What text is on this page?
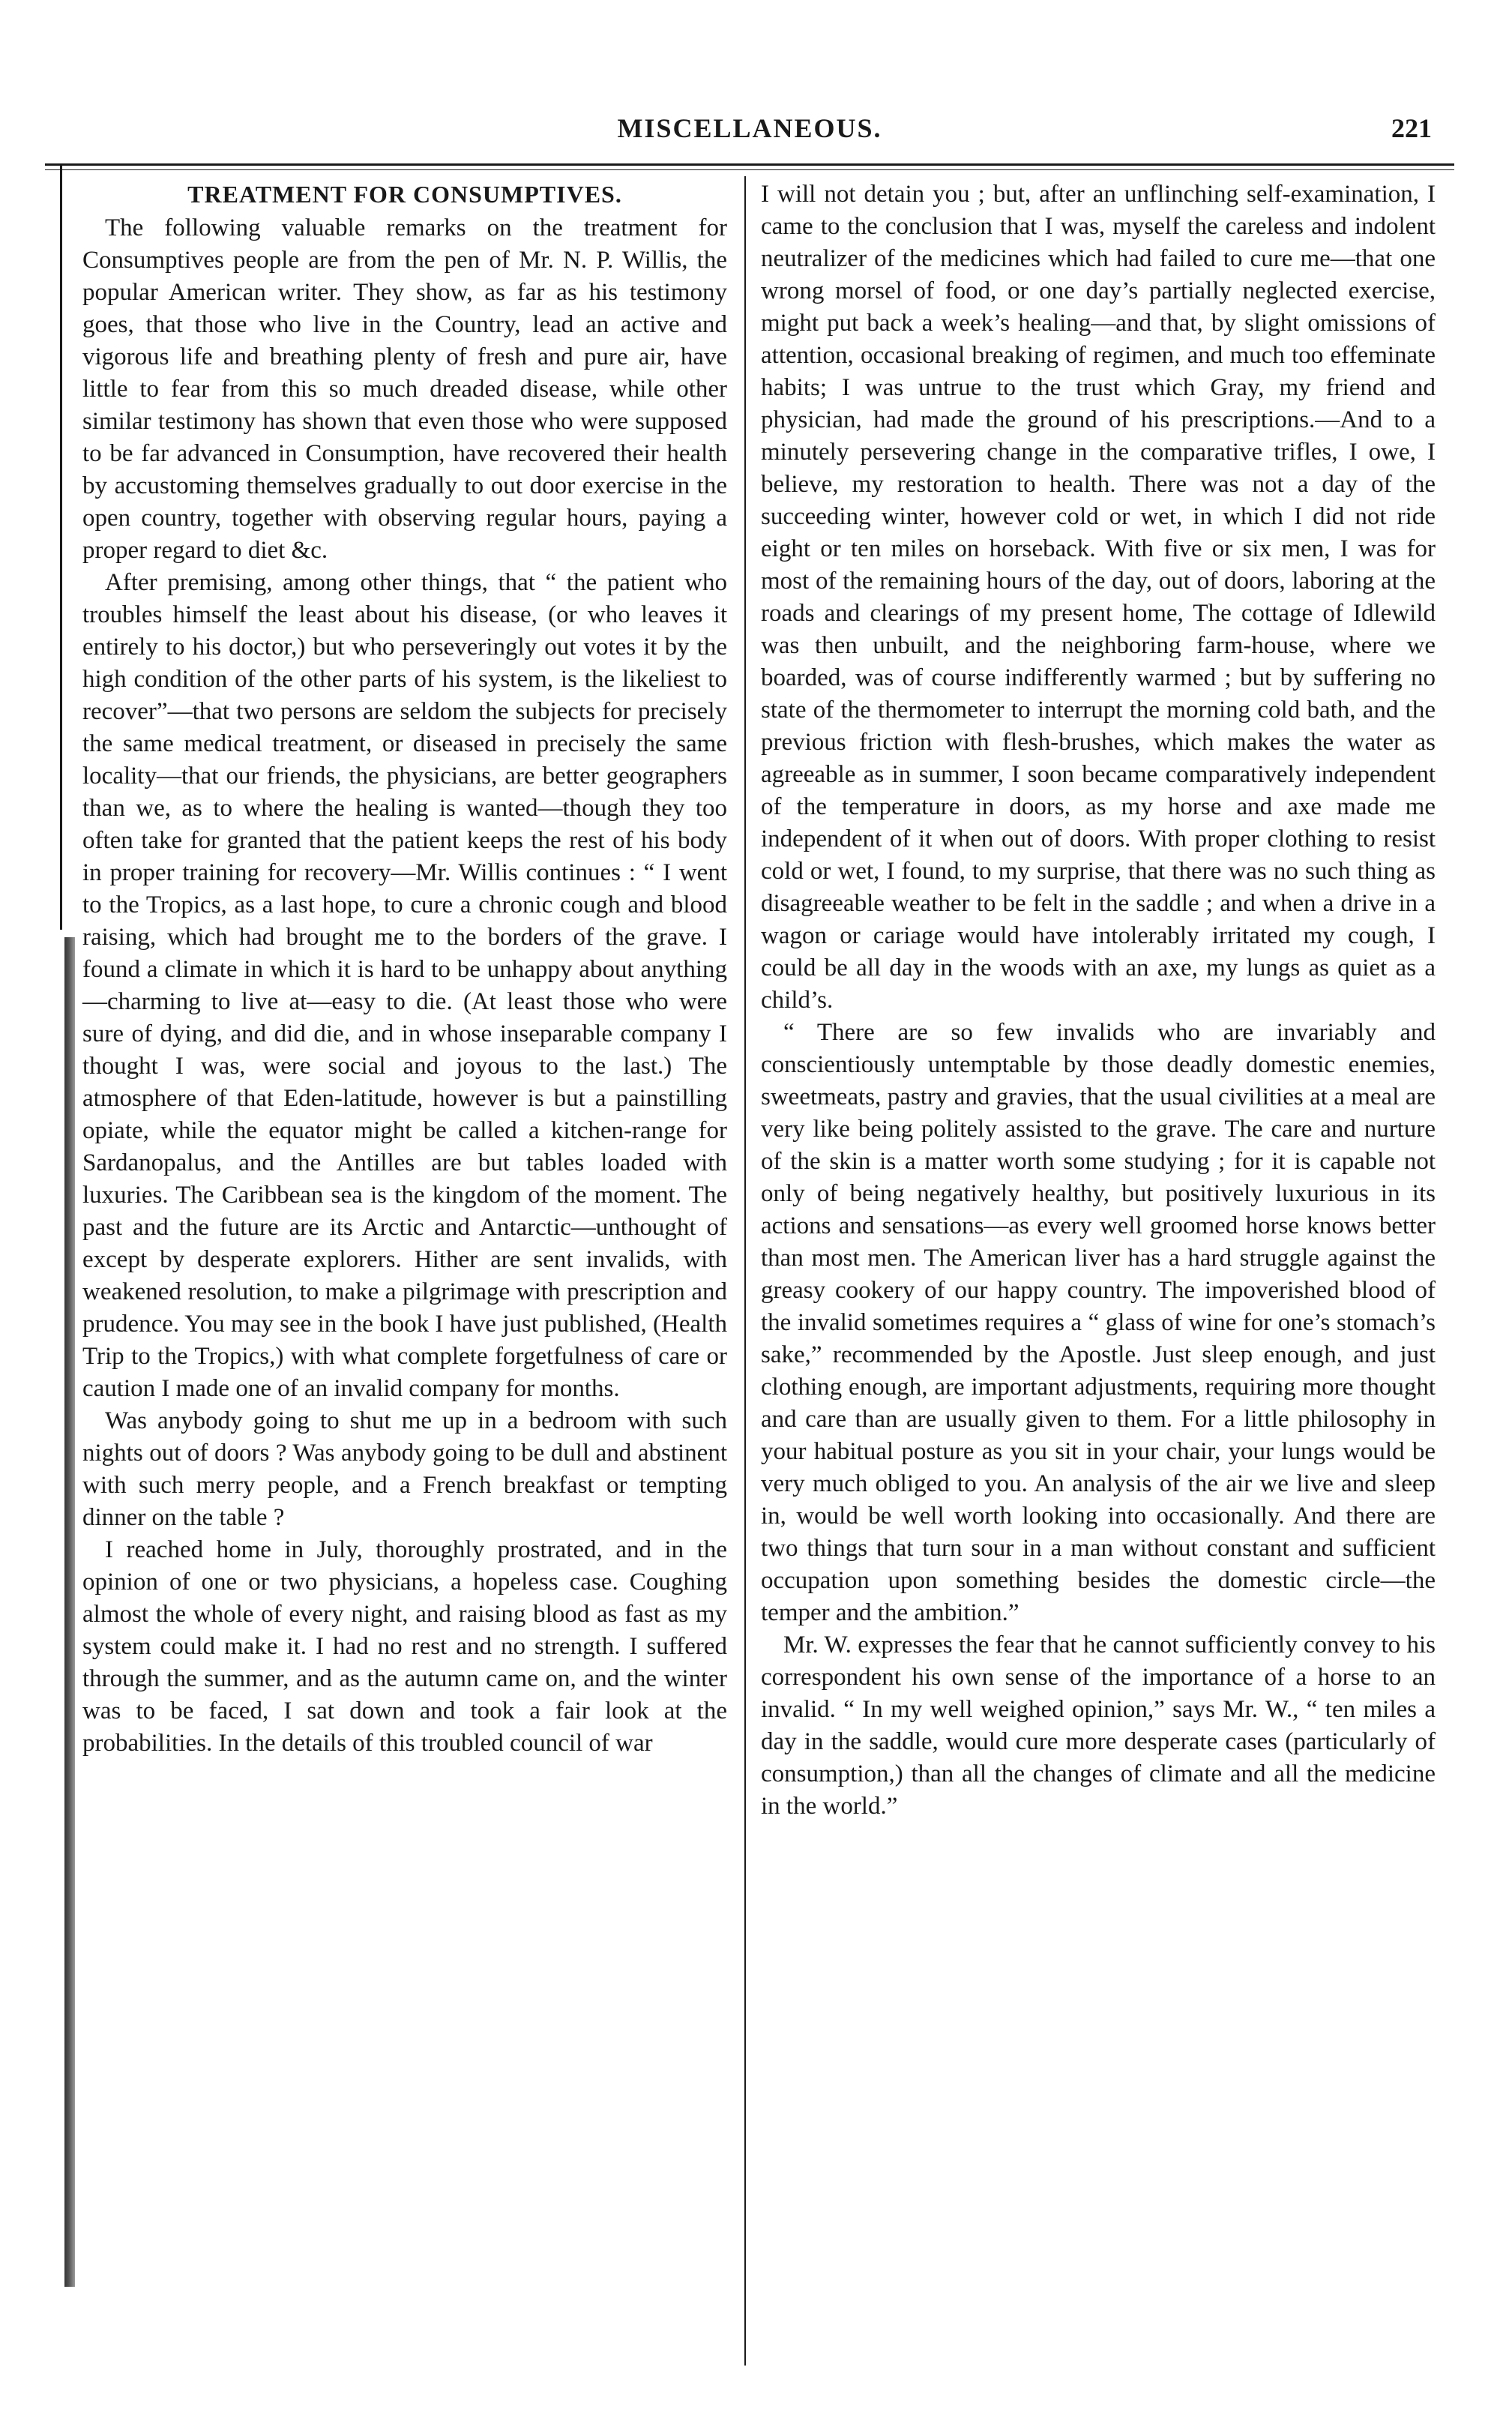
MISCELLANEOUS.	221
TREATMENT FOR CONSUMPTIVES.

The following valuable remarks on the treatment for Consumptives people are from the pen of Mr. N. P. Willis, the popular American writer. They show, as far as his testimony goes, that those who live in the Country, lead an active and vigorous life and breathing plenty of fresh and pure air, have little to fear from this so much dreaded disease, while other similar testimony has shown that even those who were supposed to be far advanced in Consumption, have recovered their health by accustoming themselves gradually to out door exercise in the open country, together with observing regular hours, paying a proper regard to diet &c.

After premising, among other things, that “ the patient who troubles himself the least about his disease, (or who leaves it entirely to his doctor,) but who perseveringly out votes it by the high condition of the other parts of his system, is the likeliest to recover”—that two persons are seldom the subjects for precisely the same medical treatment, or diseased in precisely the same locality—that our friends, the physicians, are better geographers than we, as to where the healing is wanted—though they too often take for granted that the patient keeps the rest of his body in proper training for recovery—Mr. Willis continues : “ I went to the Tropics, as a last hope, to cure a chronic cough and blood raising, which had brought me to the borders of the grave. I found a climate in which it is hard to be unhappy about anything—charming to live at—easy to die. (At least those who were sure of dying, and did die, and in whose inseparable company I thought I was, were social and joyous to the last.) The atmosphere of that Eden-latitude, however is but a painstilling opiate, while the equator might be called a kitchen-range for Sardanopalus, and the Antilles are but tables loaded with luxuries. The Caribbean sea is the kingdom of the moment. The past and the future are its Arctic and Antarctic—unthought of except by desperate explorers. Hither are sent invalids, with weakened resolution, to make a pilgrimage with prescription and prudence. You may see in the book I have just published, (Health Trip to the Tropics,) with what complete forgetfulness of care or caution I made one of an invalid company for months.

Was anybody going to shut me up in a bedroom with such nights out of doors ? Was anybody going to be dull and abstinent with such merry people, and a French breakfast or tempting dinner on the table ?

I reached home in July, thoroughly prostrated, and in the opinion of one or two physicians, a hopeless case. Coughing almost the whole of every night, and raising blood as fast as my system could make it. I had no rest and no strength. I suffered through the summer, and as the autumn came on, and the winter was to be faced, I sat down and took a fair look at the probabilities. In the details of this troubled council of war

I will not detain you ; but, after an unflinching self-examination, I came to the conclusion that I was, myself the careless and indolent neutralizer of the medicines which had failed to cure me—that one wrong morsel of food, or one day’s partially neglected exercise, might put back a week’s healing—and that, by slight omissions of attention, occasional breaking of regimen, and much too effeminate habits; I was untrue to the trust which Gray, my friend and physician, had made the ground of his prescriptions.—And to a minutely persevering change in the comparative trifles, I owe, I believe, my restoration to health. There was not a day of the succeeding winter, however cold or wet, in which I did not ride eight or ten miles on horseback. With five or six men, I was for most of the remaining hours of the day, out of doors, laboring at the roads and clearings of my present home, The cottage of Idlewild was then unbuilt, and the neighboring farm-house, where we boarded, was of course indifferently warmed ; but by suffering no state of the thermometer to interrupt the morning cold bath, and the previous friction with flesh-brushes, which makes the water as agreeable as in summer, I soon became comparatively independent of the temperature in doors, as my horse and axe made me independent of it when out of doors. With proper clothing to resist cold or wet, I found, to my surprise, that there was no such thing as disagreeable weather to be felt in the saddle ; and when a drive in a wagon or cariage would have intolerably irritated my cough, I could be all day in the woods with an axe, my lungs as quiet as a child’s.

“ There are so few invalids who are invariably and conscientiously untemptable by those deadly domestic enemies, sweetmeats, pastry and gravies, that the usual civilities at a meal are very like being politely assisted to the grave. The care and nurture of the skin is a matter worth some studying ; for it is capable not only of being negatively healthy, but positively luxurious in its actions and sensations—as every well groomed horse knows better than most men. The American liver has a hard struggle against the greasy cookery of our happy country. The impoverished blood of the invalid sometimes requires a “ glass of wine for one’s stomach’s sake,” recommended by the Apostle. Just sleep enough, and just clothing enough, are important adjustments, requiring more thought and care than are usually given to them. For a little philosophy in your habitual posture as you sit in your chair, your lungs would be very much obliged to you. An analysis of the air we live and sleep in, would be well worth looking into occasionally. And there are two things that turn sour in a man without constant and sufficient occupation upon something besides the domestic circle—the temper and the ambition.”

Mr. W. expresses the fear that he cannot sufficiently convey to his correspondent his own sense of the importance of a horse to an invalid. “ In my well weighed opinion,” says Mr. W., “ ten miles a day in the saddle, would cure more desperate cases (particularly of consumption,) than all the changes of climate and all the medicine in the world.”
